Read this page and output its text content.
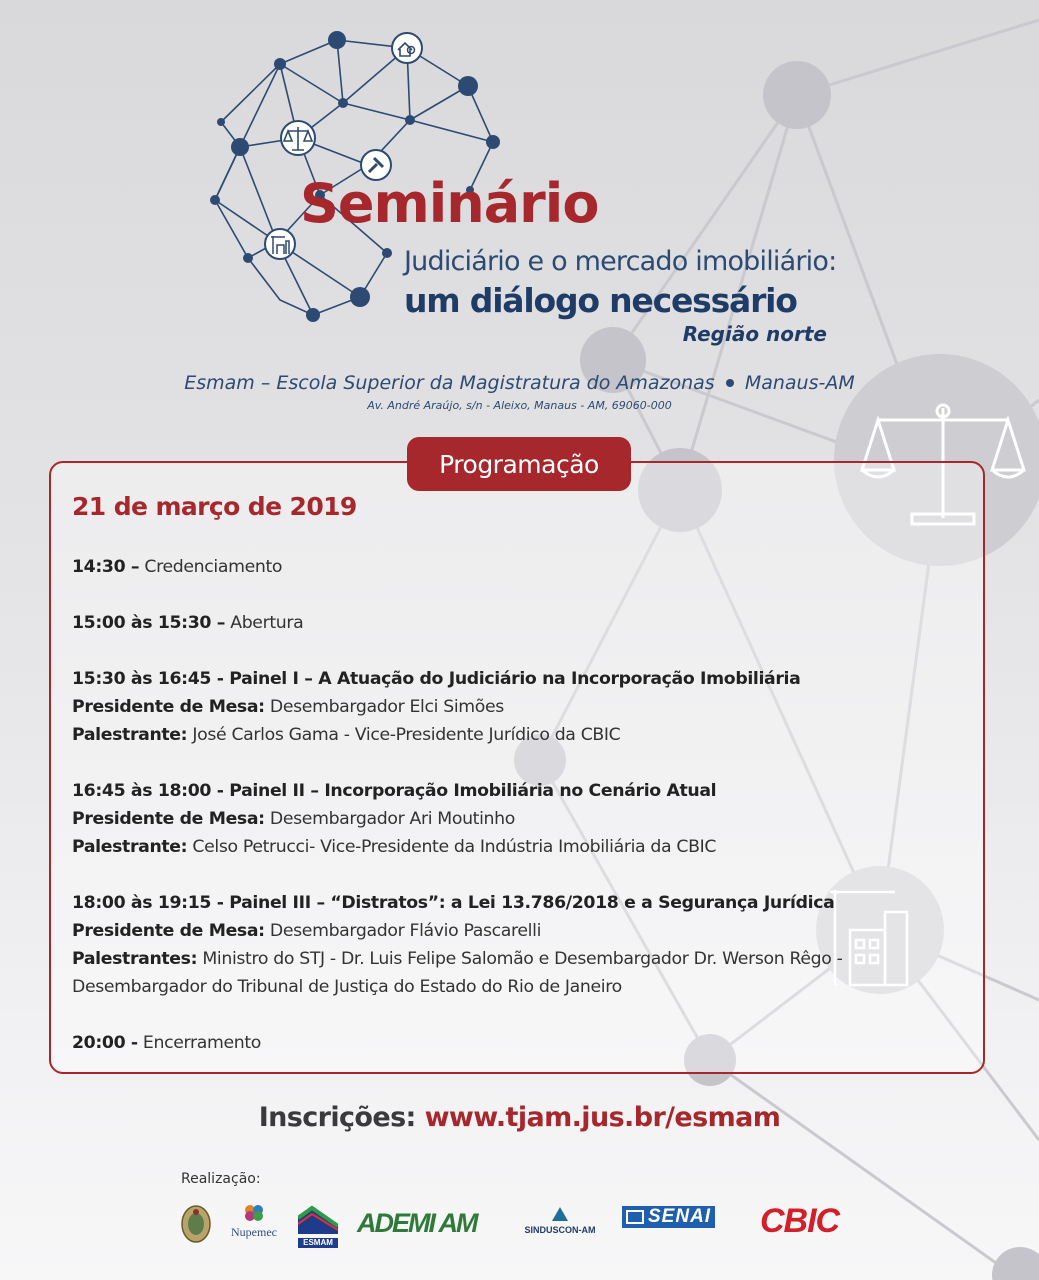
Seminário
Judiciário e o mercado imobiliário:
um diálogo necessário
Região norte
Esmam – Escola Superior da Magistratura do Amazonas Manaus-AM
Av. André Araújo, s/n - Aleixo, Manaus - AM, 69060-000
Programação
21 de março de 2019
14:30 – Credenciamento
15:00 às 15:30 – Abertura
15:30 às 16:45 - Painel I – A Atuação do Judiciário na Incorporação Imobiliária
Presidente de Mesa: Desembargador Elci Simões
Palestrante: José Carlos Gama - Vice-Presidente Jurídico da CBIC
16:45 às 18:00 - Painel II – Incorporação Imobiliária no Cenário Atual
Presidente de Mesa: Desembargador Ari Moutinho
Palestrante: Celso Petrucci- Vice-Presidente da Indústria Imobiliária da CBIC
18:00 às 19:15 - Painel III – “Distratos”: a Lei 13.786/2018 e a Segurança Jurídica
Presidente de Mesa: Desembargador Flávio Pascarelli
Palestrantes: Ministro do STJ - Dr. Luis Felipe Salomão e Desembargador Dr. Werson Rêgo -
Desembargador do Tribunal de Justiça do Estado do Rio de Janeiro
20:00 - Encerramento
Inscrições: www.tjam.jus.br/esmam
Realização:
Nupemec
ESMAM
ADEMI AM	SINDUSCON-AM
SENAI CBIC
